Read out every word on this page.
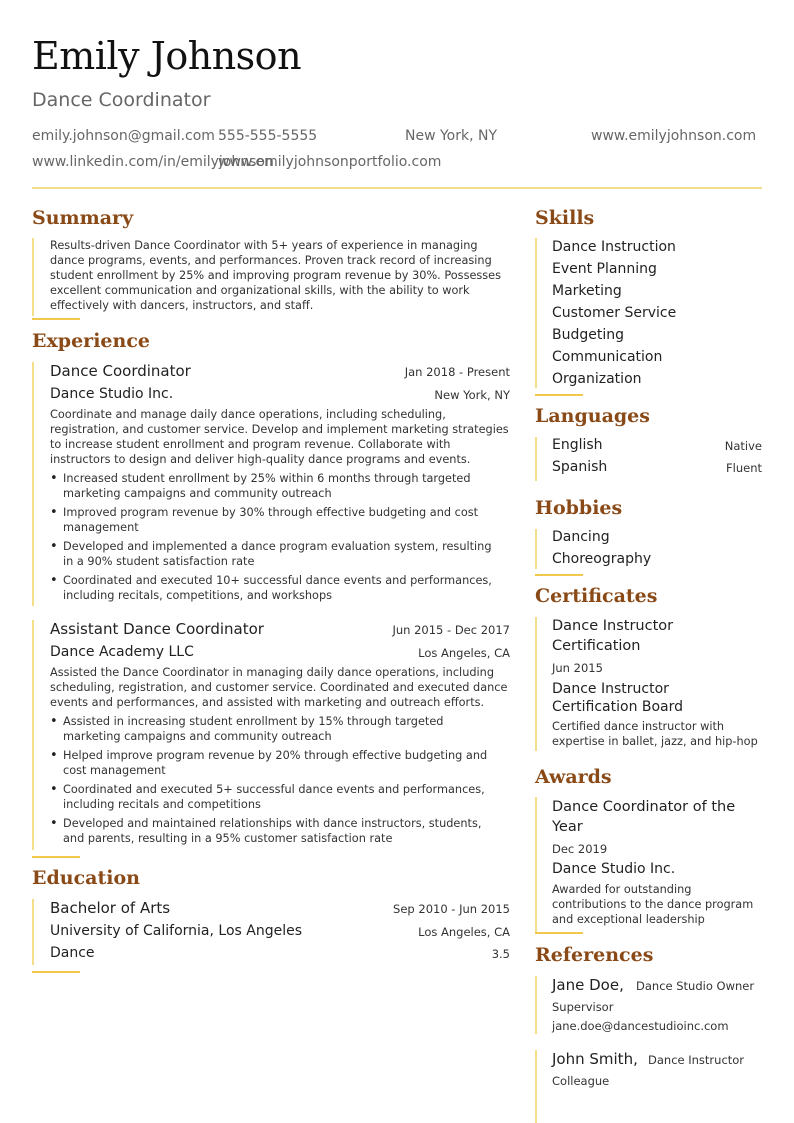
Emily Johnson
Dance Coordinator
emily.johnson@gmail.com 555-555-5555	New York, NY	www.emilyjohnson.com
www.linkedin.com/in/emilyjohnson
www.emilyjohnsonportfolio.com
Summary
Results-driven Dance Coordinator with 5+ years of experience in managing dance programs, events, and performances. Proven track record of increasing student enrollment by 25% and improving program revenue by 30%. Possesses excellent communication and organizational skills, with the ability to work effectively with dancers, instructors, and staff.
Experience
Dance Coordinator	Jan 2018 - Present
Dance Studio Inc.	New York, NY
Coordinate and manage daily dance operations, including scheduling, registration, and customer service. Develop and implement marketing strategies to increase student enrollment and program revenue. Collaborate with instructors to design and deliver high-quality dance programs and events.
• Increased student enrollment by 25% within 6 months through targeted marketing campaigns and community outreach
• Improved program revenue by 30% through effective budgeting and cost management
• Developed and implemented a dance program evaluation system, resulting in a 90% student satisfaction rate
• Coordinated and executed 10+ successful dance events and performances, including recitals, competitions, and workshops
Assistant Dance Coordinator	Jun 2015 - Dec 2017
Dance Academy LLC	Los Angeles, CA
Assisted the Dance Coordinator in managing daily dance operations, including scheduling, registration, and customer service. Coordinated and executed dance events and performances, and assisted with marketing and outreach efforts.
• Assisted in increasing student enrollment by 15% through targeted marketing campaigns and community outreach
• Helped improve program revenue by 20% through effective budgeting and cost management
• Coordinated and executed 5+ successful dance events and performances, including recitals and competitions
• Developed and maintained relationships with dance instructors, students, and parents, resulting in a 95% customer satisfaction rate
Education
Bachelor of Arts	Sep 2010 - Jun 2015
University of California, Los Angeles	Los Angeles, CA
Dance	3.5
Skills
Dance Instruction
Event Planning
Marketing
Customer Service
Budgeting
Communication
Organization
Languages
English	Native
Spanish	Fluent
Hobbies
Dancing
Choreography
Certificates
Dance Instructor Certification
Jun 2015
Dance Instructor Certification Board
Certified dance instructor with expertise in ballet, jazz, and hip-hop
Awards
Dance Coordinator of the Year
Dec 2019
Dance Studio Inc.
Awarded for outstanding contributions to the dance program and exceptional leadership
References
Jane Doe, Dance Studio Owner
Supervisor
jane.doe@dancestudioinc.com
John Smith, Dance Instructor
Colleague
